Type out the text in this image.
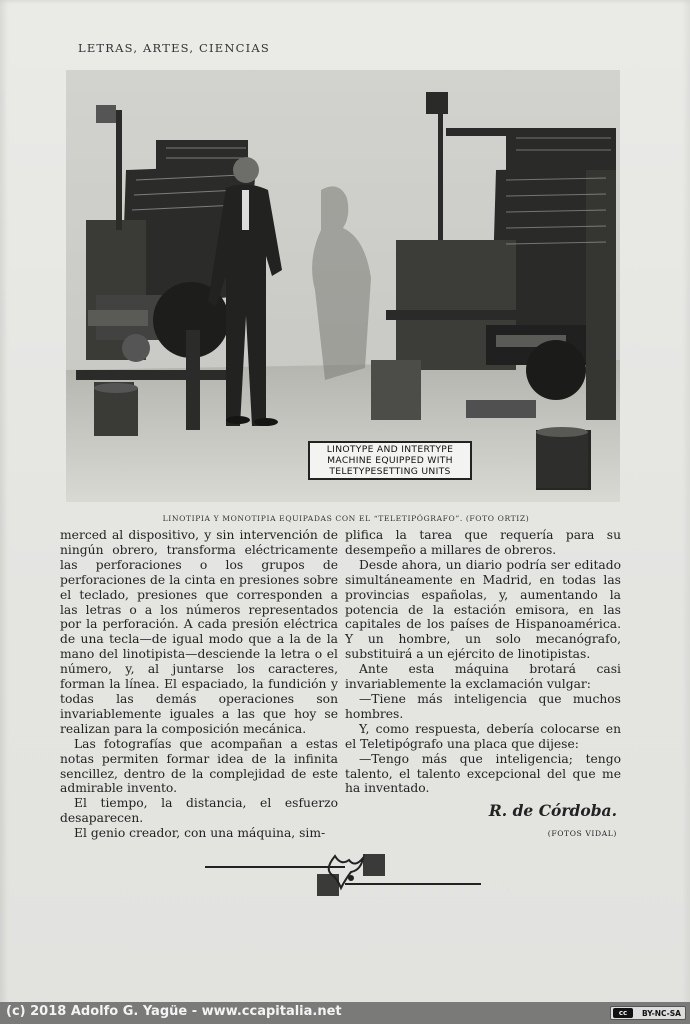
LETRAS, ARTES, CIENCIAS
LINOTYPE AND INTERTYPE
MACHINE EQUIPPED WITH
TELETYPESETTING UNITS
LINOTIPIA Y MONOTIPIA EQUIPADAS CON EL “TELETIPÓGRAFO”. (FOTO ORTIZ)

merced al dispositivo, y sin intervención de ningún obrero, transforma eléctricamente las perforaciones o los grupos de perforaciones de la cinta en presiones sobre el teclado, presiones que corresponden a las letras o a los números representados por la perforación. A cada presión eléctrica de una tecla—de igual modo que a la de la mano del linotipista—desciende la letra o el número, y, al juntarse los caracteres, forman la línea. El espaciado, la fundición y todas las demás operaciones son invariablemente iguales a las que hoy se realizan para la composición mecánica.

Las fotografías que acompañan a estas notas permiten formar idea de la infinita sencillez, dentro de la complejidad de este admirable invento.

El tiempo, la distancia, el esfuerzo desaparecen.

El genio creador, con una máquina, sim-

plifica la tarea que requería para su desempeño a millares de obreros.

Desde ahora, un diario podría ser editado simultáneamente en Madrid, en todas las provincias españolas, y, aumentando la potencia de la estación emisora, en las capitales de los países de Hispanoamérica. Y un hombre, un solo mecanógrafo, substituirá a un ejército de linotipistas.

Ante esta máquina brotará casi invariablemente la exclamación vulgar:

—Tiene más inteligencia que muchos hombres.

Y, como respuesta, debería colocarse en el Teletipógrafo una placa que dijese:

—Tengo más que inteligencia; tengo talento, el talento excepcional del que me ha inventado.

R. de Córdoba.
(FOTOS VIDAL)
(c) 2018 Adolfo G. Yagüe - www.ccapitalia.net	cc	BY-NC-SA
